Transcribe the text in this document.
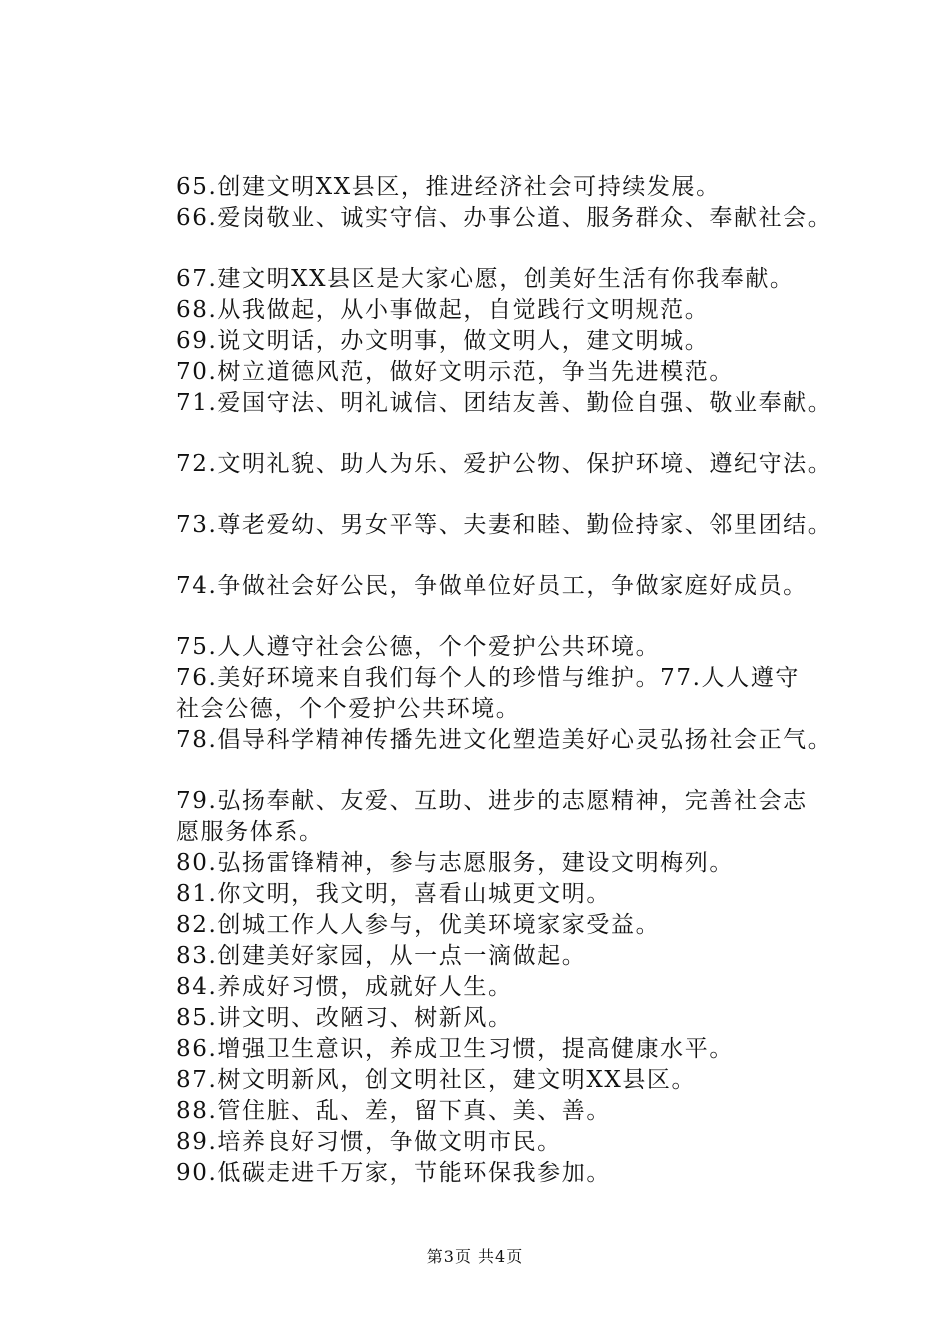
65.创建文明XX县区，推进经济社会可持续发展。
66.爱岗敬业、诚实守信、办事公道、服务群众、奉献社会。
67.建文明XX县区是大家心愿，创美好生活有你我奉献。
68.从我做起，从小事做起，自觉践行文明规范。
69.说文明话，办文明事，做文明人，建文明城。
70.树立道德风范，做好文明示范，争当先进模范。
71.爱国守法、明礼诚信、团结友善、勤俭自强、敬业奉献。
72.文明礼貌、助人为乐、爱护公物、保护环境、遵纪守法。
73.尊老爱幼、男女平等、夫妻和睦、勤俭持家、邻里团结。
74.争做社会好公民，争做单位好员工，争做家庭好成员。
75.人人遵守社会公德，个个爱护公共环境。
76.美好环境来自我们每个人的珍惜与维护。77.人人遵守社会公德，个个爱护公共环境。
78.倡导科学精神传播先进文化塑造美好心灵弘扬社会正气。
79.弘扬奉献、友爱、互助、进步的志愿精神，完善社会志愿服务体系。
80.弘扬雷锋精神，参与志愿服务，建设文明梅列。
81.你文明，我文明，喜看山城更文明。
82.创城工作人人参与，优美环境家家受益。
83.创建美好家园，从一点一滴做起。
84.养成好习惯，成就好人生。
85.讲文明、改陋习、树新风。
86.增强卫生意识，养成卫生习惯，提高健康水平。
87.树文明新风，创文明社区，建文明XX县区。
88.管住脏、乱、差，留下真、美、善。
89.培养良好习惯，争做文明市民。
90.低碳走进千万家，节能环保我参加。
第3页 共4页
